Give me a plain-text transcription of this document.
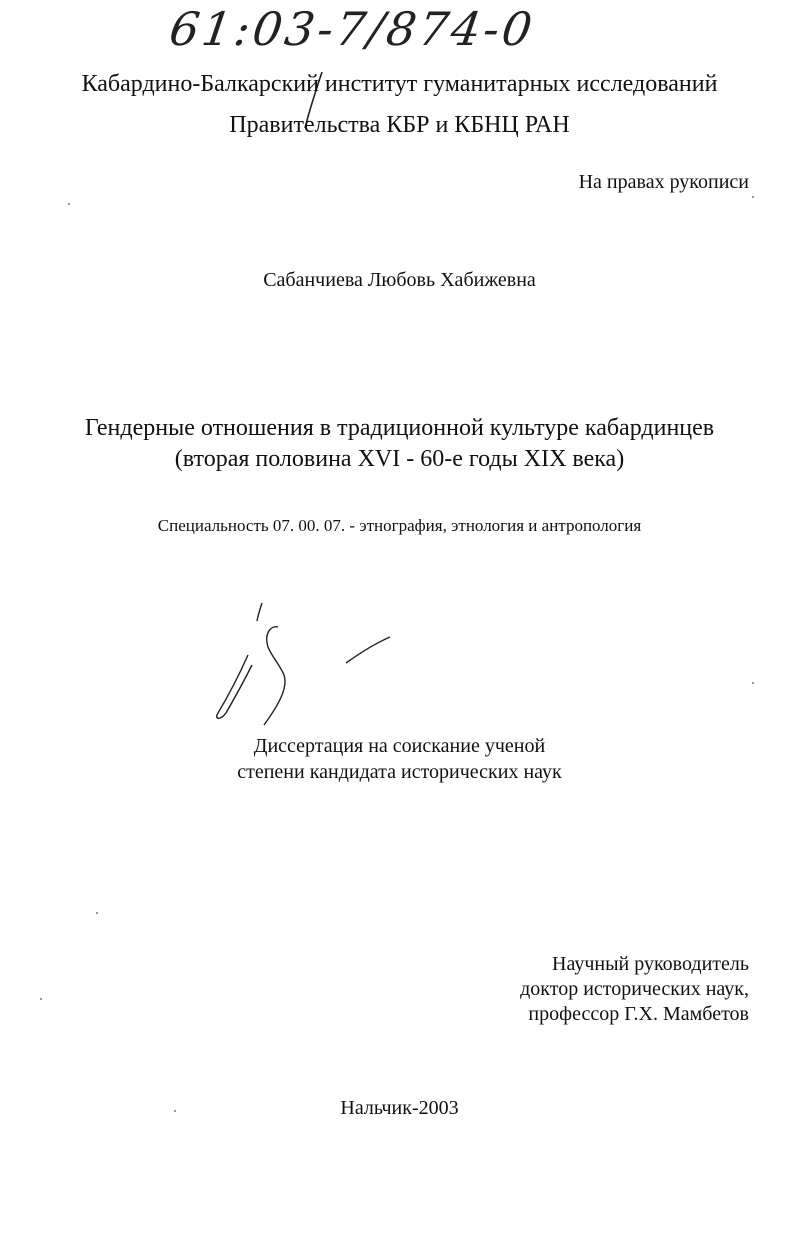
61:03-7/874-0
Кабардино-Балкарский институт гуманитарных исследований
Правительства КБР и КБНЦ РАН
На правах рукописи
Сабанчиева Любовь Хабижевна
Гендерные отношения в традиционной культуре кабардинцев
(вторая половина XVI - 60-е годы XIX века)
Специальность 07. 00. 07. - этнография, этнология и антропология
Диссертация на соискание ученой
степени кандидата исторических наук
Научный руководитель
доктор исторических наук,
профессор Г.Х. Мамбетов
Нальчик-2003
